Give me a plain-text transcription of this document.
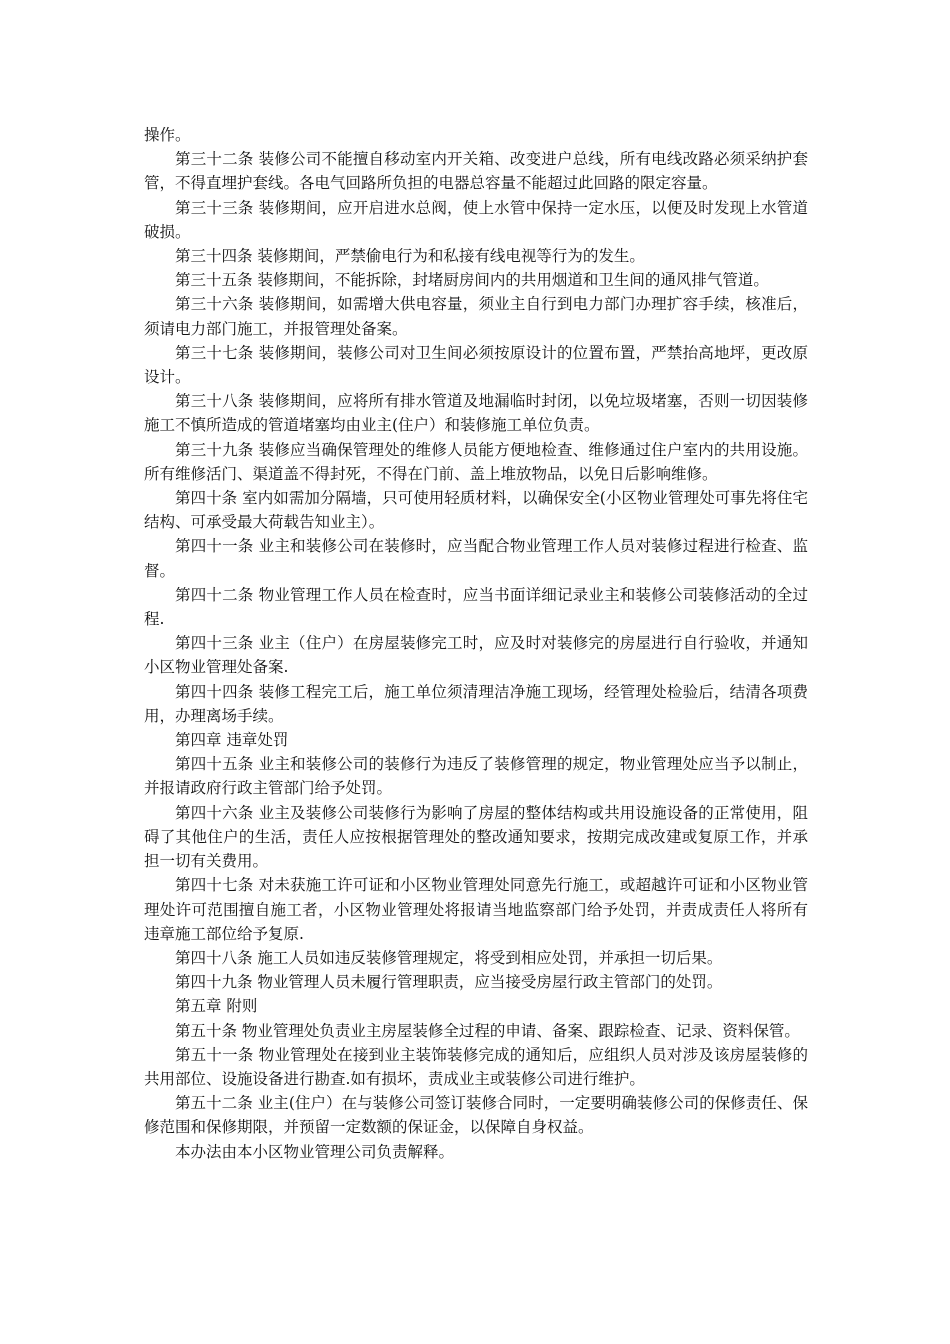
操作。

第三十二条 装修公司不能擅自移动室内开关箱、改变进户总线，所有电线改路必须采纳护套管，不得直埋护套线。各电气回路所负担的电器总容量不能超过此回路的限定容量。

第三十三条 装修期间，应开启进水总阀，使上水管中保持一定水压，以便及时发现上水管道破损。

第三十四条 装修期间，严禁偷电行为和私接有线电视等行为的发生。

第三十五条 装修期间，不能拆除，封堵厨房间内的共用烟道和卫生间的通风排气管道。

第三十六条 装修期间，如需增大供电容量，须业主自行到电力部门办理扩容手续，核准后，须请电力部门施工，并报管理处备案。

第三十七条 装修期间，装修公司对卫生间必须按原设计的位置布置，严禁抬高地坪，更改原设计。

第三十八条 装修期间，应将所有排水管道及地漏临时封闭，以免垃圾堵塞，否则一切因装修施工不慎所造成的管道堵塞均由业主(住户）和装修施工单位负责。

第三十九条 装修应当确保管理处的维修人员能方便地检查、维修通过住户室内的共用设施。所有维修活门、渠道盖不得封死，不得在门前、盖上堆放物品，以免日后影响维修。

第四十条 室内如需加分隔墙，只可使用轻质材料，以确保安全(小区物业管理处可事先将住宅结构、可承受最大荷载告知业主）。

第四十一条 业主和装修公司在装修时，应当配合物业管理工作人员对装修过程进行检查、监督。

第四十二条 物业管理工作人员在检查时，应当书面详细记录业主和装修公司装修活动的全过程.

第四十三条 业主（住户）在房屋装修完工时，应及时对装修完的房屋进行自行验收，并通知小区物业管理处备案.

第四十四条 装修工程完工后，施工单位须清理洁净施工现场，经管理处检验后，结清各项费用，办理离场手续。

第四章 违章处罚

第四十五条 业主和装修公司的装修行为违反了装修管理的规定，物业管理处应当予以制止，并报请政府行政主管部门给予处罚。

第四十六条 业主及装修公司装修行为影响了房屋的整体结构或共用设施设备的正常使用，阻碍了其他住户的生活，责任人应按根据管理处的整改通知要求，按期完成改建或复原工作，并承担一切有关费用。

第四十七条 对未获施工许可证和小区物业管理处同意先行施工，或超越许可证和小区物业管理处许可范围擅自施工者，小区物业管理处将报请当地监察部门给予处罚，并责成责任人将所有违章施工部位给予复原.

第四十八条 施工人员如违反装修管理规定，将受到相应处罚，并承担一切后果。

第四十九条 物业管理人员未履行管理职责，应当接受房屋行政主管部门的处罚。

第五章 附则

第五十条 物业管理处负责业主房屋装修全过程的申请、备案、跟踪检查、记录、资料保管。

第五十一条 物业管理处在接到业主装饰装修完成的通知后，应组织人员对涉及该房屋装修的共用部位、设施设备进行勘查.如有损坏，责成业主或装修公司进行维护。

第五十二条 业主(住户）在与装修公司签订装修合同时，一定要明确装修公司的保修责任、保修范围和保修期限，并预留一定数额的保证金，以保障自身权益。

本办法由本小区物业管理公司负责解释。
